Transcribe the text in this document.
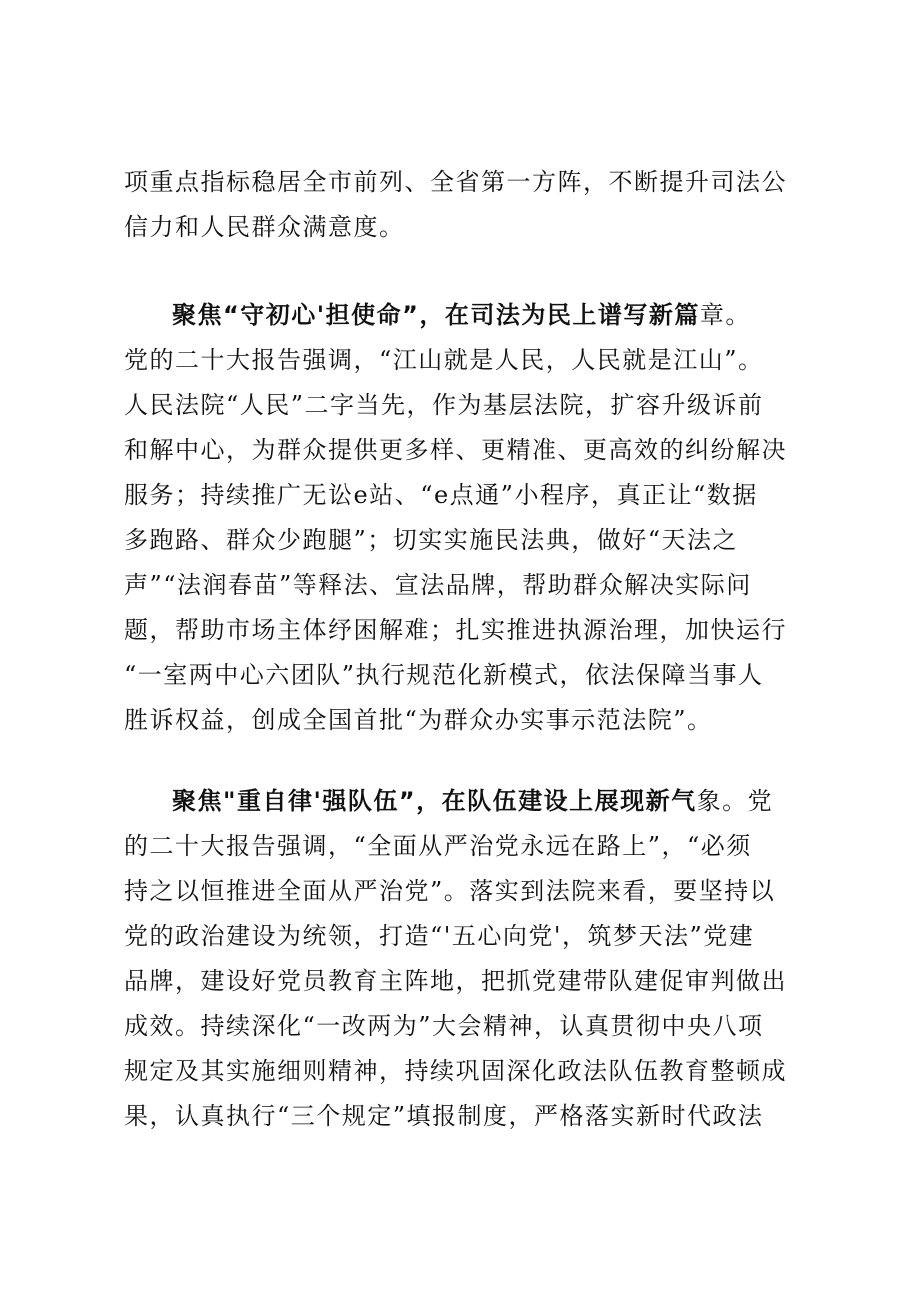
项重点指标稳居全市前列、全省第一方阵，不断提升司法公
信力和人民群众满意度。
聚焦“守初心'担使命”，在司法为民上谱写新篇章。
党的二十大报告强调，“江山就是人民，人民就是江山”。
人民法院“人民”二字当先，作为基层法院，扩容升级诉前
和解中心，为群众提供更多样、更精准、更高效的纠纷解决
服务；持续推广无讼e站、“e点通”小程序，真正让“数据
多跑路、群众少跑腿”；切实实施民法典，做好“天法之
声”“法润春苗”等释法、宣法品牌，帮助群众解决实际问
题，帮助市场主体纾困解难；扎实推进执源治理，加快运行
“一室两中心六团队”执行规范化新模式，依法保障当事人
胜诉权益，创成全国首批“为群众办实事示范法院”。
聚焦"重自律'强队伍”，在队伍建设上展现新气象。党
的二十大报告强调，“全面从严治党永远在路上”，“必须
持之以恒推进全面从严治党”。落实到法院来看，要坚持以
党的政治建设为统领，打造“'五心向党'，筑梦天法”党建
品牌，建设好党员教育主阵地，把抓党建带队建促审判做出
成效。持续深化“一改两为”大会精神，认真贯彻中央八项
规定及其实施细则精神，持续巩固深化政法队伍教育整顿成
果，认真执行“三个规定”填报制度，严格落实新时代政法
